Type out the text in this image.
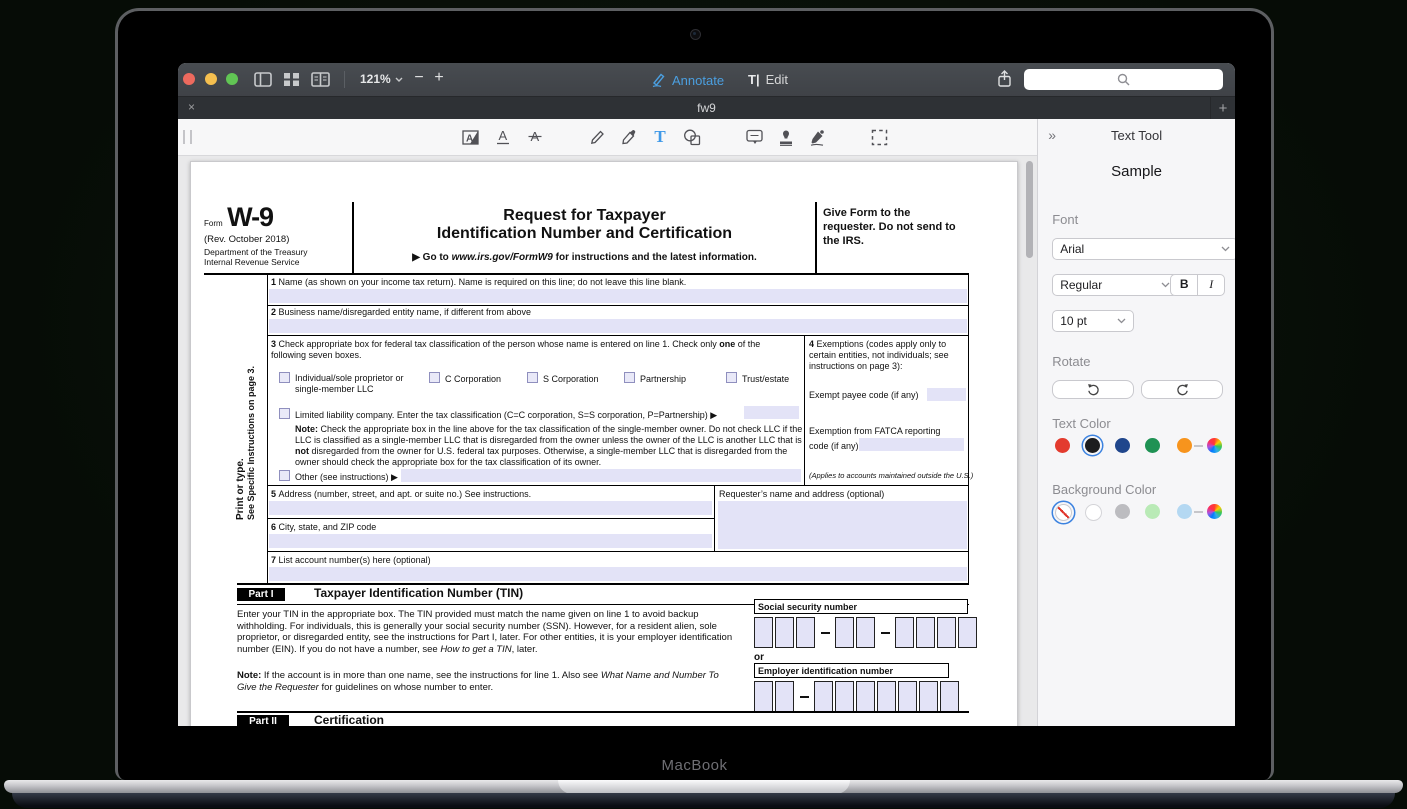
121% − +	Annotate T| Edit
×	fw9	+
A A A	T
Form W-9
(Rev. October 2018)
Department of the Treasury
Internal Revenue Service
Request for Taxpayer
Identification Number and Certification
▶ Go to www.irs.gov/FormW9 for instructions and the latest information.
Give Form to the requester. Do not send to the IRS.
Print or type. See Specific Instructions on page 3.
1 Name (as shown on your income tax return). Name is required on this line; do not leave this line blank.
2 Business name/disregarded entity name, if different from above
3 Check appropriate box for federal tax classification of the person whose name is entered on line 1. Check only one of the following seven boxes.
Individual/sole proprietor or
single-member LLC
C Corporation	S Corporation	Partnership	Trust/estate
Limited liability company. Enter the tax classification (C=C corporation, S=S corporation, P=Partnership) ▶
Note: Check the appropriate box in the line above for the tax classification of the single-member owner. Do not check LLC if the LLC is classified as a single-member LLC that is disregarded from the owner unless the owner of the LLC is another LLC that is not disregarded from the owner for U.S. federal tax purposes. Otherwise, a single-member LLC that is disregarded from the owner should check the appropriate box for the tax classification of its owner.
Other (see instructions) ▶
4 Exemptions (codes apply only to certain entities, not individuals; see instructions on page 3):
Exempt payee code (if any)
Exemption from FATCA reporting
code (if any)
(Applies to accounts maintained outside the U.S.)
5 Address (number, street, and apt. or suite no.) See instructions.	Requester’s name and address (optional)
6 City, state, and ZIP code
7 List account number(s) here (optional)
Part I	Taxpayer Identification Number (TIN)
Enter your TIN in the appropriate box. The TIN provided must match the name given on line 1 to avoid backup withholding. For individuals, this is generally your social security number (SSN). However, for a resident alien, sole proprietor, or disregarded entity, see the instructions for Part I, later. For other entities, it is your employer identification number (EIN). If you do not have a number, see How to get a TIN, later.
Social security number
or
Employer identification number
Note: If the account is in more than one name, see the instructions for line 1. Also see What Name and Number To Give the Requester for guidelines on whose number to enter.
Part II	Certification
»	Text Tool
Sample
Font
Arial
Regular	B	I
10 pt
Rotate
Text Color
Background Color
MacBook
